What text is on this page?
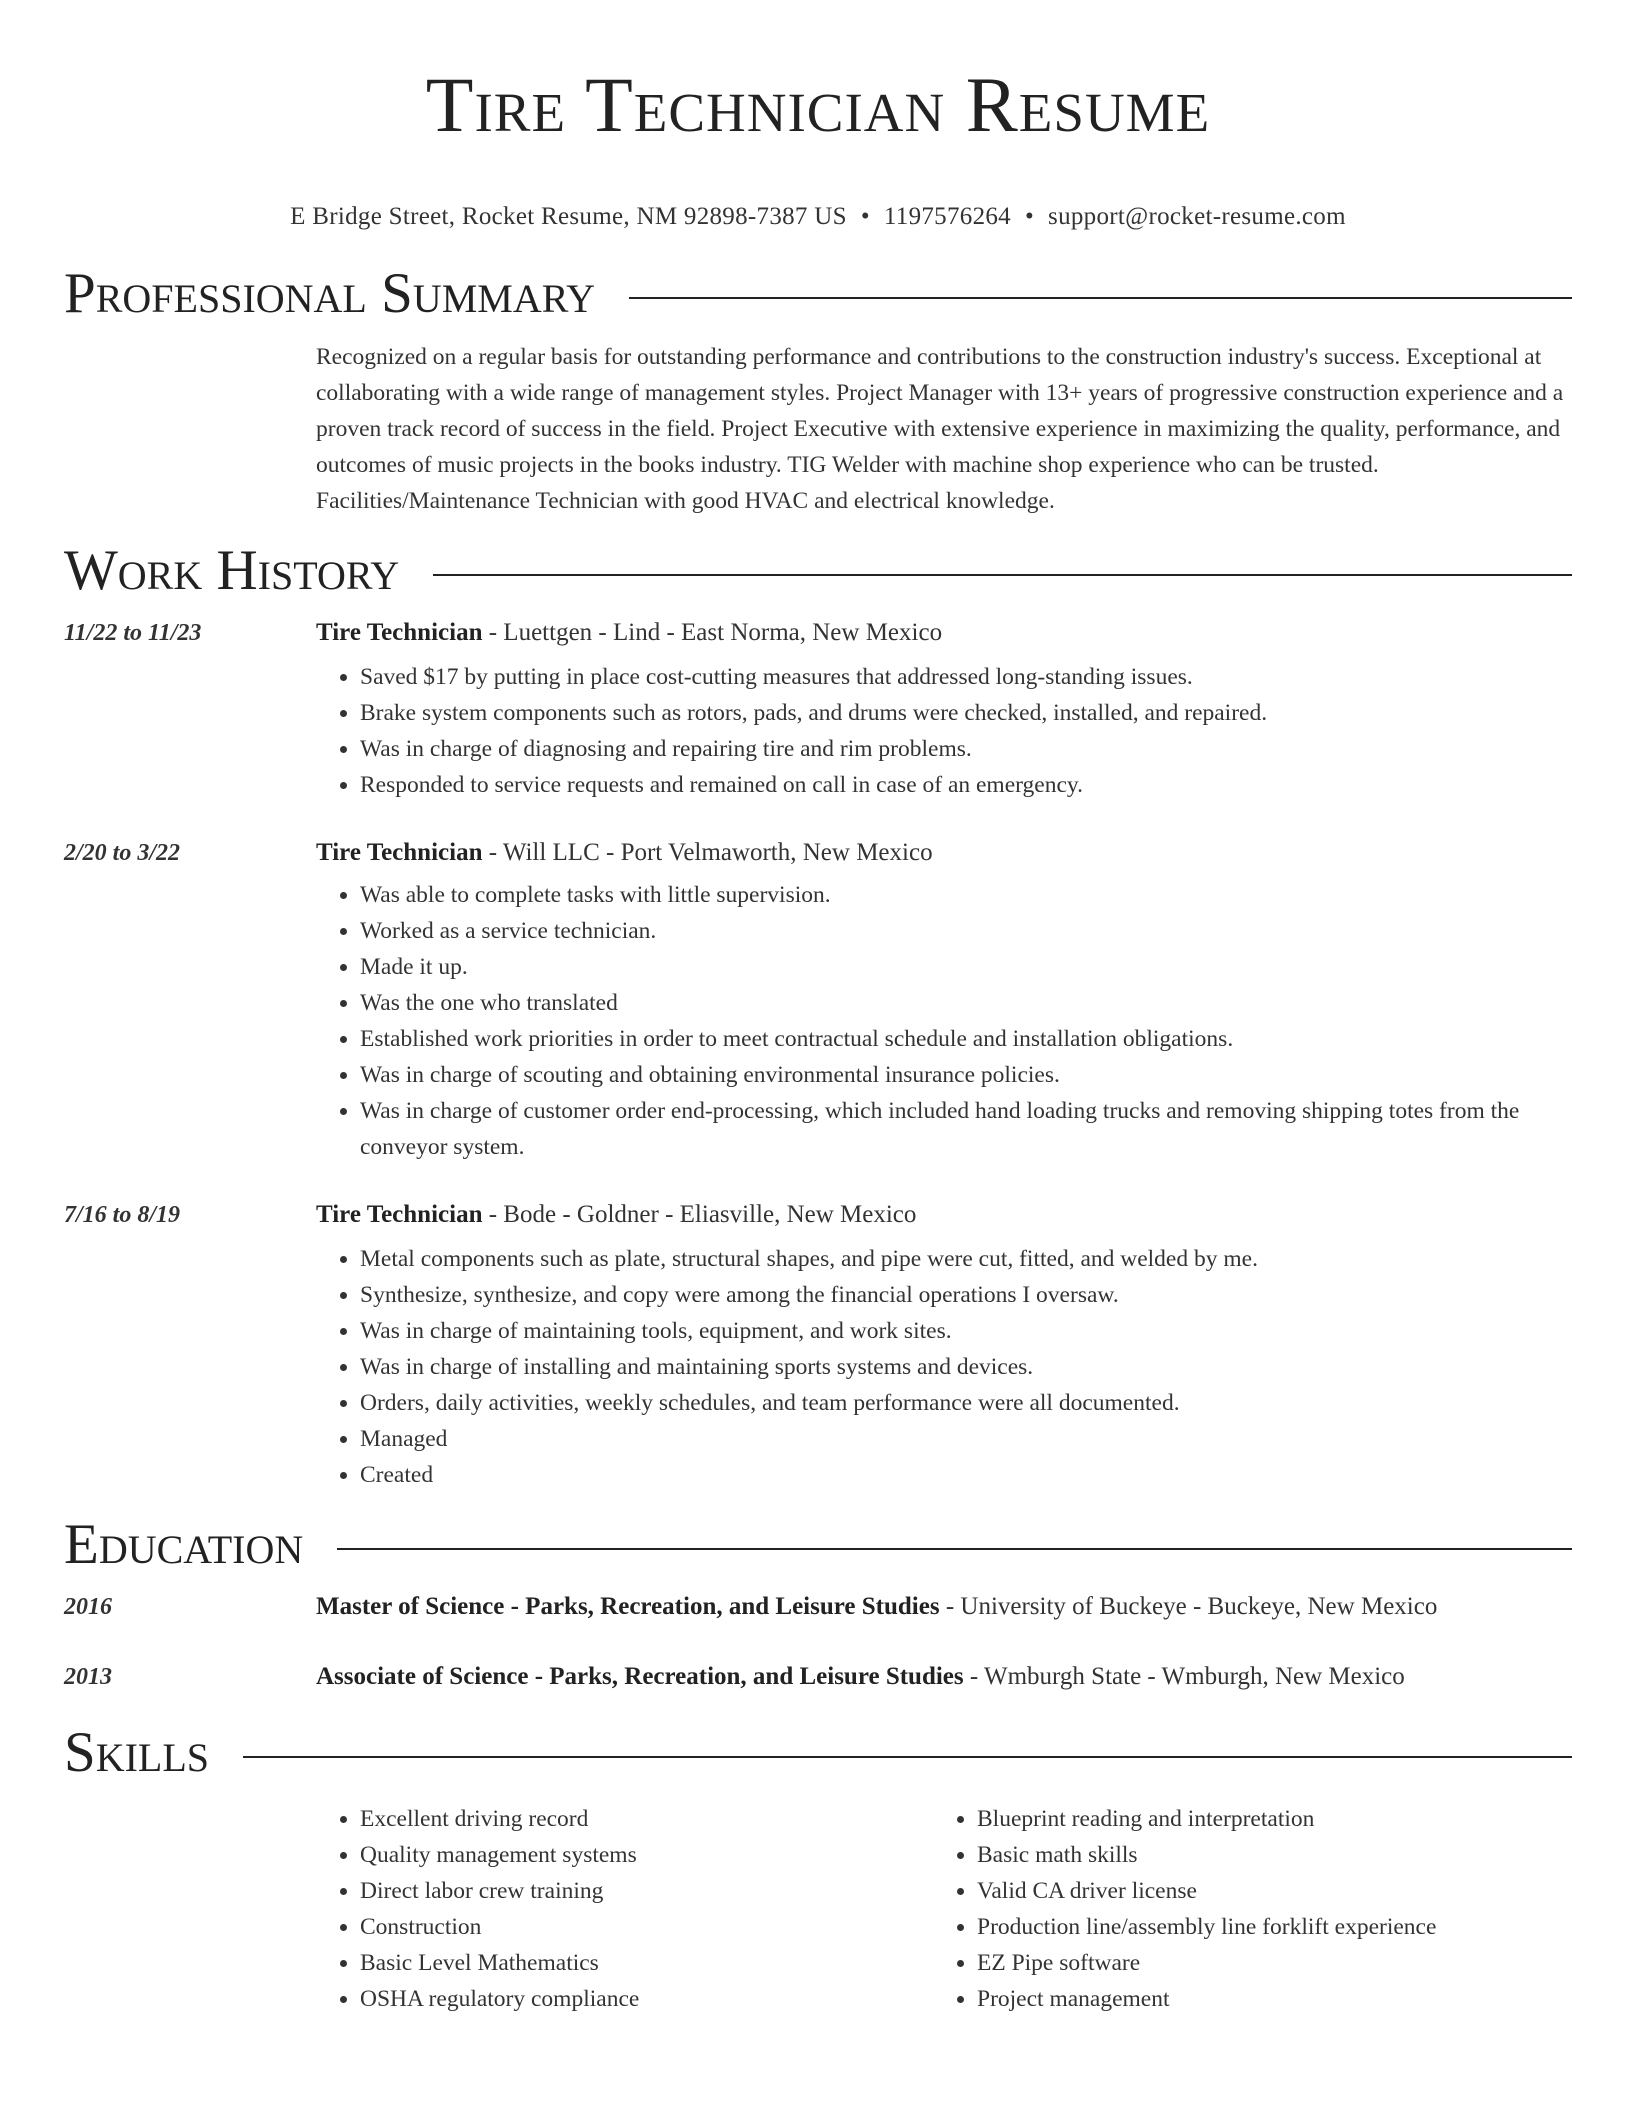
Tire Technician Resume
E Bridge Street, Rocket Resume, NM 92898-7387 US • 1197576264 • support@rocket-resume.com
Professional Summary
Recognized on a regular basis for outstanding performance and contributions to the construction industry's success. Exceptional at collaborating with a wide range of management styles. Project Manager with 13+ years of progressive construction experience and a proven track record of success in the field. Project Executive with extensive experience in maximizing the quality, performance, and outcomes of music projects in the books industry. TIG Welder with machine shop experience who can be trusted. Facilities/Maintenance Technician with good HVAC and electrical knowledge.
Work History
11/22 to 11/23	Tire Technician - Luettgen - Lind - East Norma, New Mexico
• Saved $17 by putting in place cost-cutting measures that addressed long-standing issues.
• Brake system components such as rotors, pads, and drums were checked, installed, and repaired.
• Was in charge of diagnosing and repairing tire and rim problems.
• Responded to service requests and remained on call in case of an emergency.
2/20 to 3/22	Tire Technician - Will LLC - Port Velmaworth, New Mexico
• Was able to complete tasks with little supervision.
• Worked as a service technician.
• Made it up.
• Was the one who translated
• Established work priorities in order to meet contractual schedule and installation obligations.
• Was in charge of scouting and obtaining environmental insurance policies.
• Was in charge of customer order end-processing, which included hand loading trucks and removing shipping totes from the conveyor system.
7/16 to 8/19	Tire Technician - Bode - Goldner - Eliasville, New Mexico
• Metal components such as plate, structural shapes, and pipe were cut, fitted, and welded by me.
• Synthesize, synthesize, and copy were among the financial operations I oversaw.
• Was in charge of maintaining tools, equipment, and work sites.
• Was in charge of installing and maintaining sports systems and devices.
• Orders, daily activities, weekly schedules, and team performance were all documented.
• Managed
• Created
Education
2016	Master of Science - Parks, Recreation, and Leisure Studies - University of Buckeye - Buckeye, New Mexico
2013	Associate of Science - Parks, Recreation, and Leisure Studies - Wmburgh State - Wmburgh, New Mexico
Skills
• Excellent driving record
• Quality management systems
• Direct labor crew training
• Construction
• Basic Level Mathematics
• OSHA regulatory compliance
• Blueprint reading and interpretation
• Basic math skills
• Valid CA driver license
• Production line/assembly line forklift experience
• EZ Pipe software
• Project management
